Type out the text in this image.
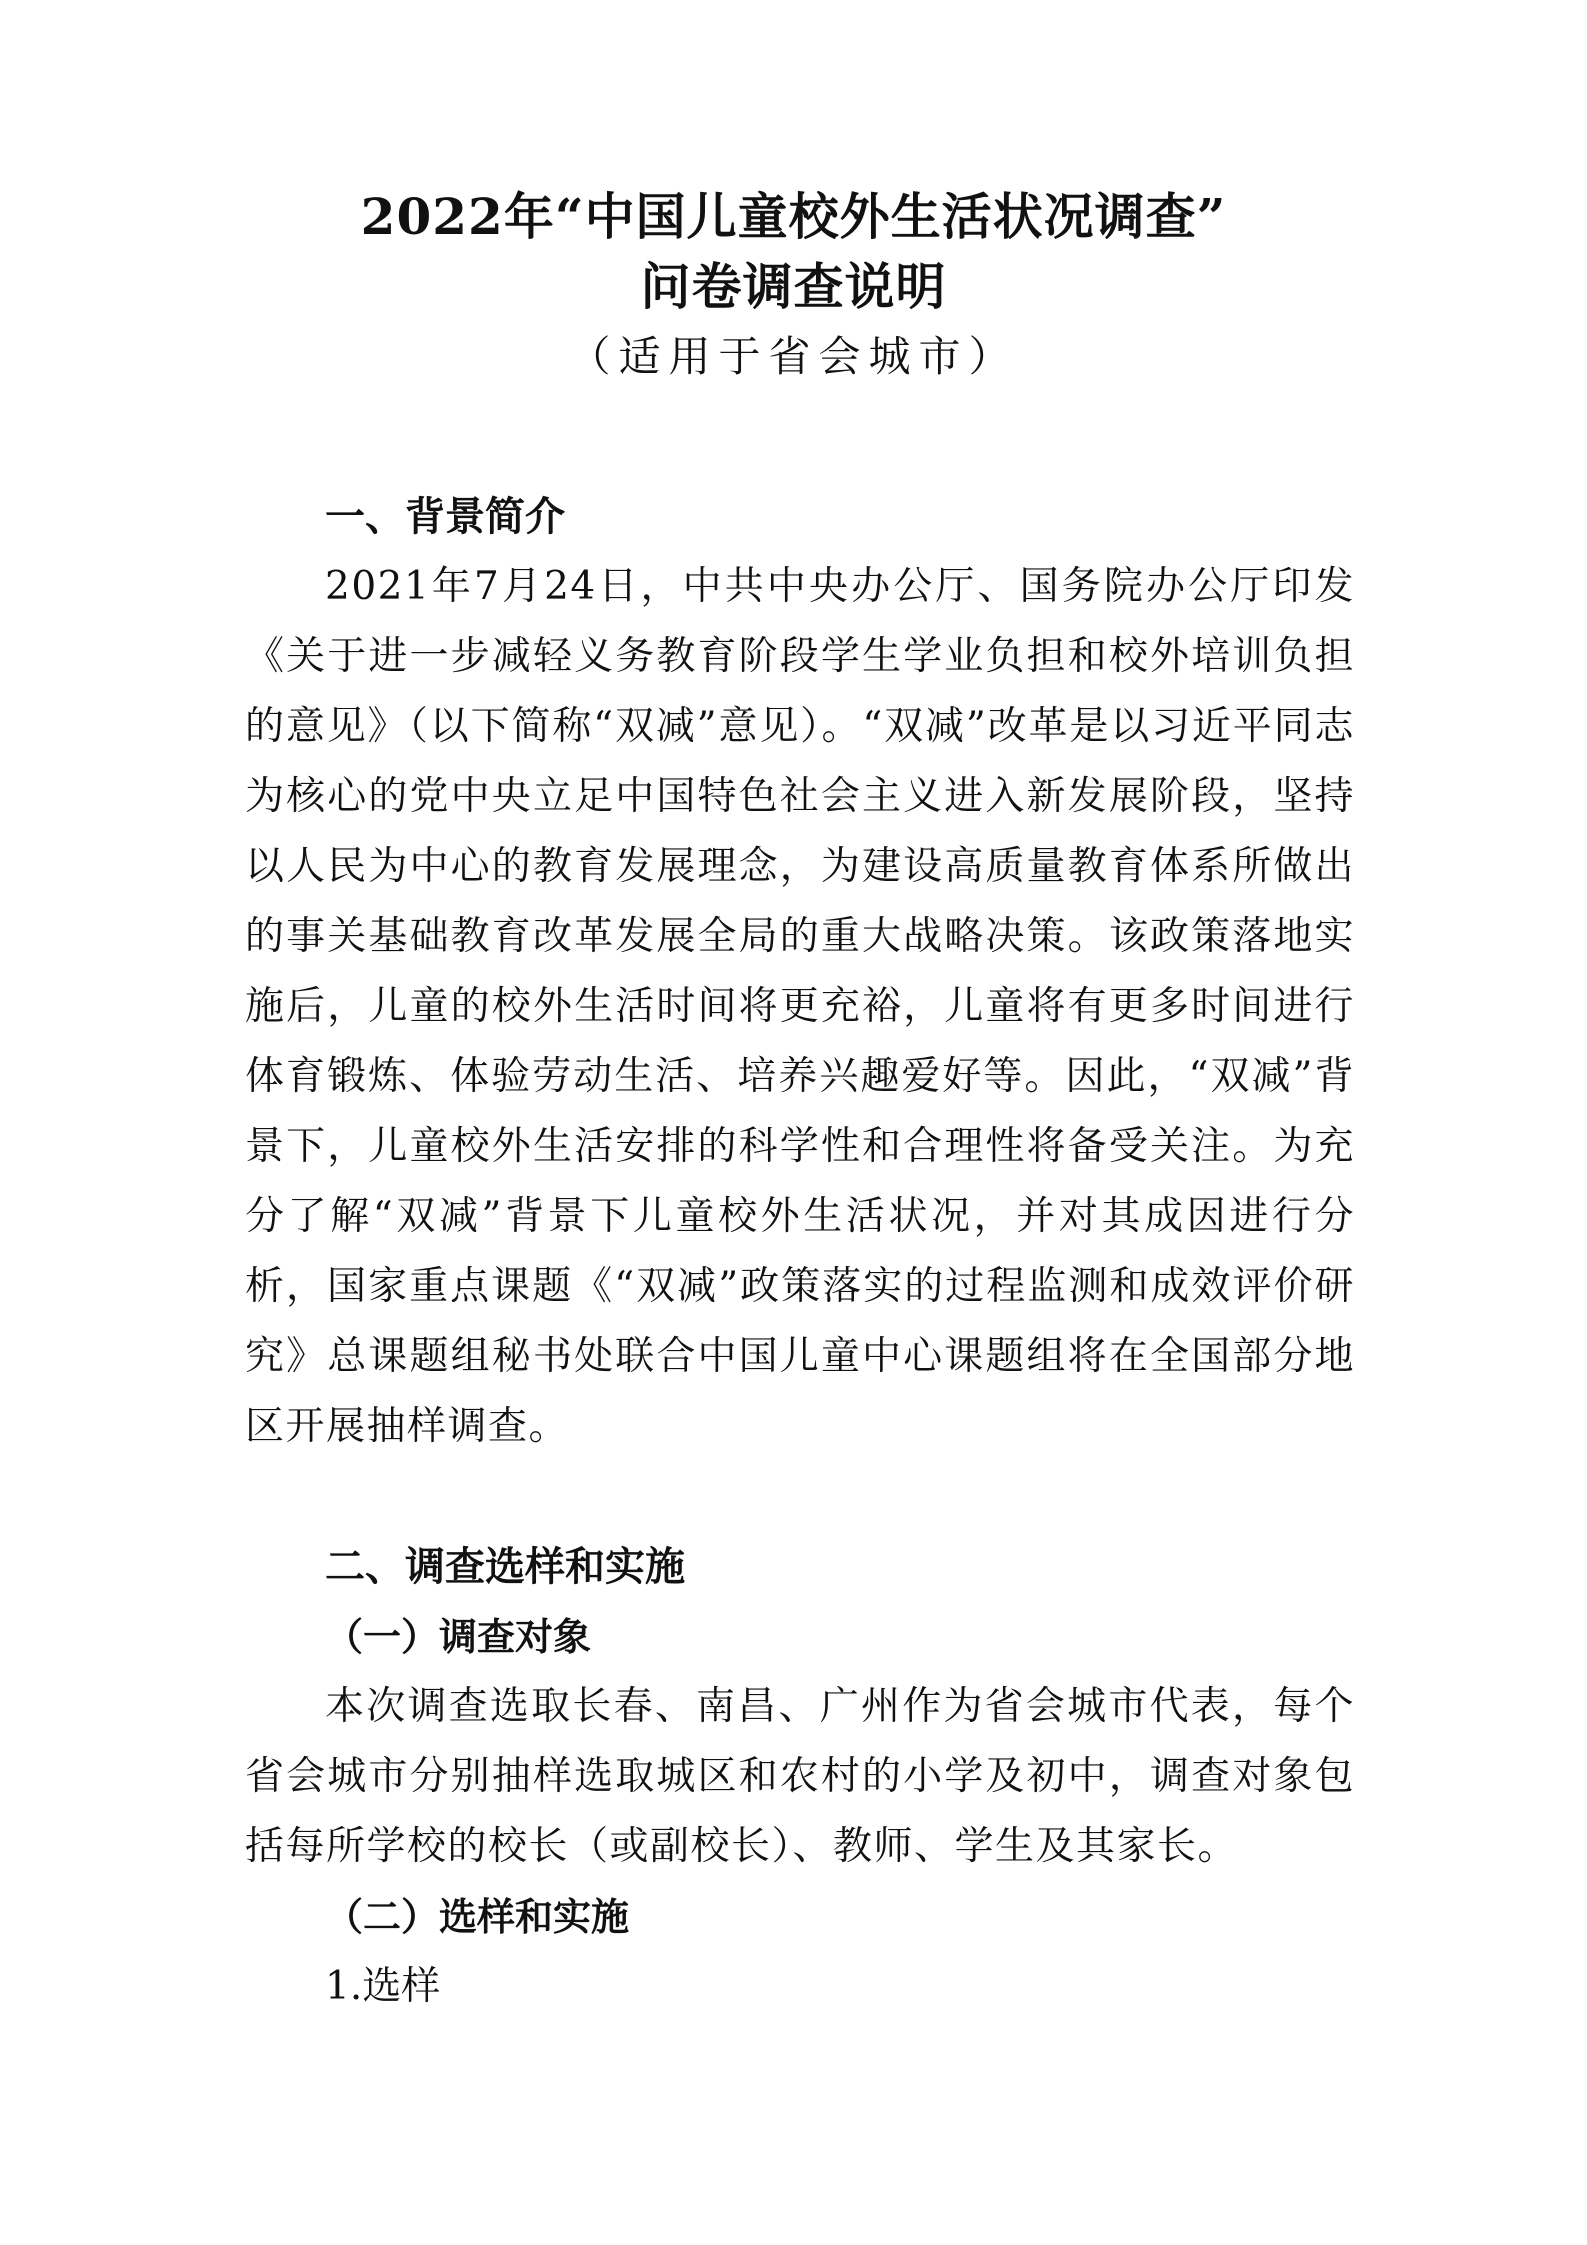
2022年“中国儿童校外生活状况调查”

问卷调查说明

（适用于省会城市）

一、背景简介

2021年7月24日，中共中央办公厅、国务院办公厅印发《关于进一步减轻义务教育阶段学生学业负担和校外培训负担的意见》（以下简称“双减”意见）。“双减”改革是以习近平同志为核心的党中央立足中国特色社会主义进入新发展阶段，坚持以人民为中心的教育发展理念，为建设高质量教育体系所做出的事关基础教育改革发展全局的重大战略决策。该政策落地实施后，儿童的校外生活时间将更充裕，儿童将有更多时间进行体育锻炼、体验劳动生活、培养兴趣爱好等。因此，“双减”背景下，儿童校外生活安排的科学性和合理性将备受关注。为充分了解“双减”背景下儿童校外生活状况，并对其成因进行分析，国家重点课题《“双减”政策落实的过程监测和成效评价研究》总课题组秘书处联合中国儿童中心课题组将在全国部分地区开展抽样调查。

二、调查选样和实施

（一）调查对象

本次调查选取长春、南昌、广州作为省会城市代表，每个省会城市分别抽样选取城区和农村的小学及初中，调查对象包括每所学校的校长（或副校长）、教师、学生及其家长。

（二）选样和实施

1.选样
